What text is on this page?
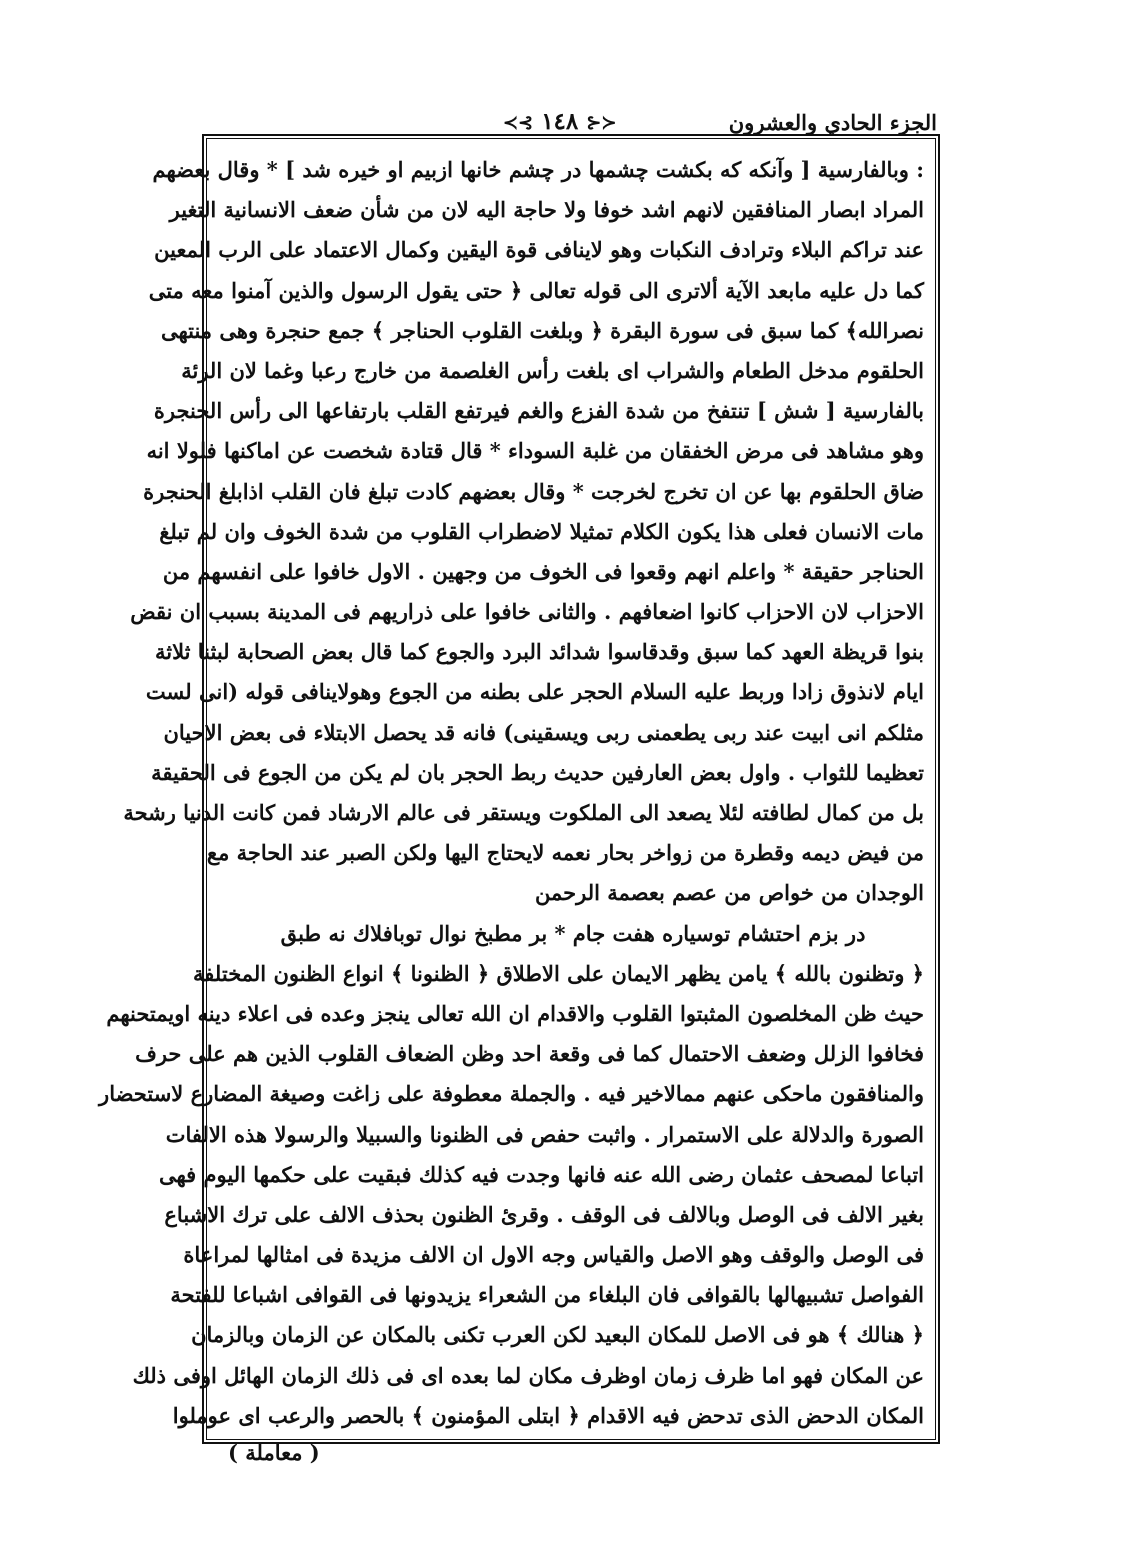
الجزء الحادي والعشرون
≺⊰ ١٤٨ ⊱≻
: وبالفارسية [ وآنكه كه بكشت چشمها در چشم خانها ازبيم او خيره شد ] * وقال بعضهم
المراد ابصار المنافقين لانهم اشد خوفا ولا حاجة اليه لان من شأن ضعف الانسانية التغير
عند تراكم البلاء وترادف النكبات وهو لاينافى قوة اليقين وكمال الاعتماد على الرب المعين
كما دل عليه مابعد الآية ألاترى الى قوله تعالى ﴿ حتى يقول الرسول والذين آمنوا معه متى
نصرالله﴾ كما سبق فى سورة البقرة ﴿ وبلغت القلوب الحناجر ﴾ جمع حنجرة وهى منتهى
الحلقوم مدخل الطعام والشراب اى بلغت رأس الغلصمة من خارج رعبا وغما لان الرئة
بالفارسية [ شش ] تنتفخ من شدة الفزع والغم فيرتفع القلب بارتفاعها الى رأس الحنجرة
وهو مشاهد فى مرض الخفقان من غلبة السوداء * قال قتادة شخصت عن اماكنها فلولا انه
ضاق الحلقوم بها عن ان تخرج لخرجت * وقال بعضهم كادت تبلغ فان القلب اذابلغ الحنجرة
مات الانسان فعلى هذا يكون الكلام تمثيلا لاضطراب القلوب من شدة الخوف وان لم تبلغ
الحناجر حقيقة * واعلم انهم وقعوا فى الخوف من وجهين . الاول خافوا على انفسهم من
الاحزاب لان الاحزاب كانوا اضعافهم . والثانى خافوا على ذراريهم فى المدينة بسبب ان نقض
بنوا قريظة العهد كما سبق وقدقاسوا شدائد البرد والجوع كما قال بعض الصحابة لبثنا ثلاثة
ايام لانذوق زادا وربط عليه السلام الحجر على بطنه من الجوع وهولاينافى قوله (انى لست
مثلكم انى ابيت عند ربى يطعمنى ربى ويسقينى) فانه قد يحصل الابتلاء فى بعض الاحيان
تعظيما للثواب . واول بعض العارفين حديث ربط الحجر بان لم يكن من الجوع فى الحقيقة
بل من كمال لطافته لئلا يصعد الى الملكوت ويستقر فى عالم الارشاد فمن كانت الدنيا رشحة
من فيض ديمه وقطرة من زواخر بحار نعمه لايحتاج اليها ولكن الصبر عند الحاجة مع
الوجدان من خواص من عصم بعصمة الرحمن
در بزم احتشام توسياره هفت جام * بر مطبخ نوال توبافلاك نه طبق
﴿ وتظنون بالله ﴾ يامن يظهر الايمان على الاطلاق ﴿ الظنونا ﴾ انواع الظنون المختلفة
حيث ظن المخلصون المثبتوا القلوب والاقدام ان الله تعالى ينجز وعده فى اعلاء دينه اويمتحنهم
فخافوا الزلل وضعف الاحتمال كما فى وقعة احد وظن الضعاف القلوب الذين هم على حرف
والمنافقون ماحكى عنهم ممالاخير فيه . والجملة معطوفة على زاغت وصيغة المضارع لاستحضار
الصورة والدلالة على الاستمرار . واثبت حفص فى الظنونا والسبيلا والرسولا هذه الالفات
اتباعا لمصحف عثمان رضى الله عنه فانها وجدت فيه كذلك فبقيت على حكمها اليوم فهى
بغير الالف فى الوصل وبالالف فى الوقف . وقرئ الظنون بحذف الالف على ترك الاشباع
فى الوصل والوقف وهو الاصل والقياس وجه الاول ان الالف مزيدة فى امثالها لمراعاة
الفواصل تشبيهالها بالقوافى فان البلغاء من الشعراء يزيدونها فى القوافى اشباعا للفتحة
﴿ هنالك ﴾ هو فى الاصل للمكان البعيد لكن العرب تكنى بالمكان عن الزمان وبالزمان
عن المكان فهو اما ظرف زمان اوظرف مكان لما بعده اى فى ذلك الزمان الهائل اوفى ذلك
المكان الدحض الذى تدحض فيه الاقدام ﴿ ابتلى المؤمنون ﴾ بالحصر والرعب اى عوملوا
( معاملة )
